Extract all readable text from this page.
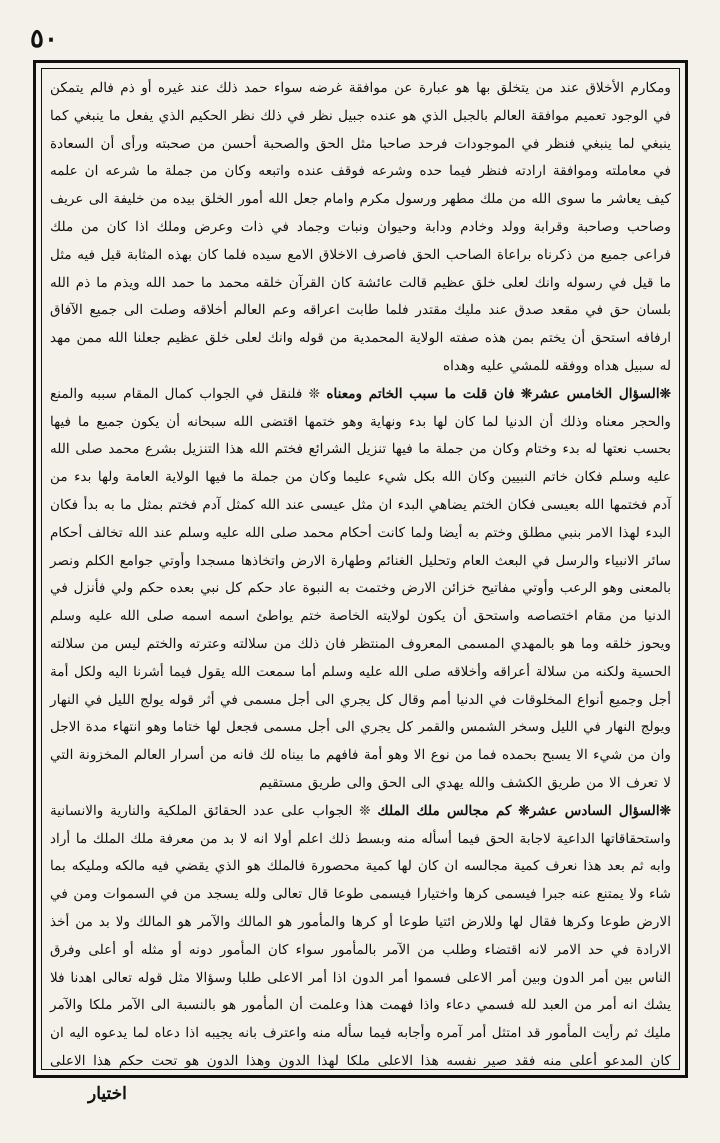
٥٠

ومكارم الأخلاق عند من يتخلق بها هو عبارة عن موافقة غرضه سواء حمد ذلك عند غيره أو ذم فالم يتمكن في الوجود تعميم موافقة العالم بالجبل الذي هو عنده جبيل نظر في ذلك نظر الحكيم الذي يفعل ما ينبغي كما ينبغي لما ينبغي فنظر في الموجودات فرحد صاحبا مثل الحق والصحبة أحسن من صحبته ورأى أن السعادة في معاملته وموافقة ارادته فنظر فيما حده وشرعه فوقف عنده واتبعه وكان من جملة ما شرعه ان علمه كيف يعاشر ما سوى الله من ملك مطهر ورسول مكرم وامام جعل الله أمور الخلق بيده من خليفة الى عريف وصاحب وصاحبة وقرابة وولد وخادم ودابة وحيوان ونبات وجماد في ذات وعرض وملك اذا كان من ملك فراعى جميع من ذكرناه براعاة الصاحب الحق فاصرف الاخلاق الامع سيده فلما كان بهذه المثابة قيل فيه مثل ما قيل في رسوله وانك لعلى خلق عظيم قالت عائشة كان القرآن خلقه محمد ما حمد الله ويذم ما ذم الله بلسان حق في مقعد صدق عند مليك مقتدر فلما طابت اعراقه وعم العالم أخلاقه وصلت الى جميع الآفاق ارفافه استحق أن يختم بمن هذه صفته الولاية المحمدية من قوله وانك لعلى خلق عظيم جعلنا الله ممن مهد له سبيل هداه ووفقه للمشي عليه وهداه

❊السؤال الخامس عشر❊ فان قلت ما سبب الخاتم ومعناه ❊ فلنقل في الجواب كمال المقام سببه والمنع والحجر معناه وذلك أن الدنيا لما كان لها بدء ونهاية وهو ختمها اقتضى الله سبحانه أن يكون جميع ما فيها بحسب نعتها له بدء وختام وكان من جملة ما فيها تنزيل الشرائع فختم الله هذا التنزيل بشرع محمد صلى الله عليه وسلم فكان خاتم النبيين وكان الله بكل شيء عليما وكان من جملة ما فيها الولاية العامة ولها بدء من آدم فختمها الله بعيسى فكان الختم يضاهي البدء ان مثل عيسى عند الله كمثل آدم فختم بمثل ما به بدأ فكان البدء لهذا الامر بنبي مطلق وختم به أيضا ولما كانت أحكام محمد صلى الله عليه وسلم عند الله تخالف أحكام سائر الانبياء والرسل في البعث العام وتحليل الغنائم وطهارة الارض واتخاذها مسجدا وأوتي جوامع الكلم ونصر بالمعنى وهو الرعب وأوتي مفاتيح خزائن الارض وختمت به النبوة عاد حكم كل نبي بعده حكم ولي فأنزل في الدنيا من مقام اختصاصه واستحق أن يكون لولايته الخاصة ختم يواطئ اسمه اسمه صلى الله عليه وسلم ويحوز خلقه وما هو بالمهدي المسمى المعروف المنتظر فان ذلك من سلالته وعترته والختم ليس من سلالته الحسية ولكنه من سلالة أعراقه وأخلاقه صلى الله عليه وسلم أما سمعت الله يقول فيما أشرنا اليه ولكل أمة أجل وجميع أنواع المخلوقات في الدنيا أمم وقال كل يجري الى أجل مسمى في أثر قوله يولج الليل في النهار ويولج النهار في الليل وسخر الشمس والقمر كل يجري الى أجل مسمى فجعل لها ختاما وهو انتهاء مدة الاجل وان من شيء الا يسبح بحمده فما من نوع الا وهو أمة فافهم ما بيناه لك فانه من أسرار العالم المخزونة التي لا تعرف الا من طريق الكشف والله يهدي الى الحق والى طريق مستقيم

❊السؤال السادس عشر❊ كم مجالس ملك الملك ❊ الجواب على عدد الحقائق الملكية والنارية والانسانية واستحقاقاتها الداعية لاجابة الحق فيما أسأله منه وبسط ذلك اعلم أولا انه لا بد من معرفة ملك الملك ما أراد وابه ثم بعد هذا نعرف كمية مجالسه ان كان لها كمية محصورة فالملك هو الذي يقضي فيه مالكه ومليكه بما شاء ولا يمتنع عنه جبرا فيسمى كرها واختيارا فيسمى طوعا قال تعالى ولله يسجد من في السموات ومن في الارض طوعا وكرها فقال لها وللارض ائتيا طوعا أو كرها والمأمور هو المالك والآمر هو المالك ولا بد من أخذ الارادة في حد الامر لانه اقتضاء وطلب من الآمر بالمأمور سواء كان المأمور دونه أو مثله أو أعلى وفرق الناس بين أمر الدون وبين أمر الاعلى فسموا أمر الدون اذا أمر الاعلى طلبا وسؤالا مثل قوله تعالى اهدنا فلا يشك انه أمر من العبد لله فسمي دعاء واذا فهمت هذا وعلمت أن المأمور هو بالنسبة الى الآمر ملكا والآمر مليك ثم رأيت المأمور قد امتثل أمر آمره وأجابه فيما سأله منه واعترف بانه يجيبه اذا دعاه لما يدعوه اليه ان كان المدعو أعلى منه فقد صير نفسه هذا الاعلى ملكا لهذا الدون وهذا الدون هو تحت حكم هذا الاعلى

اختيار
